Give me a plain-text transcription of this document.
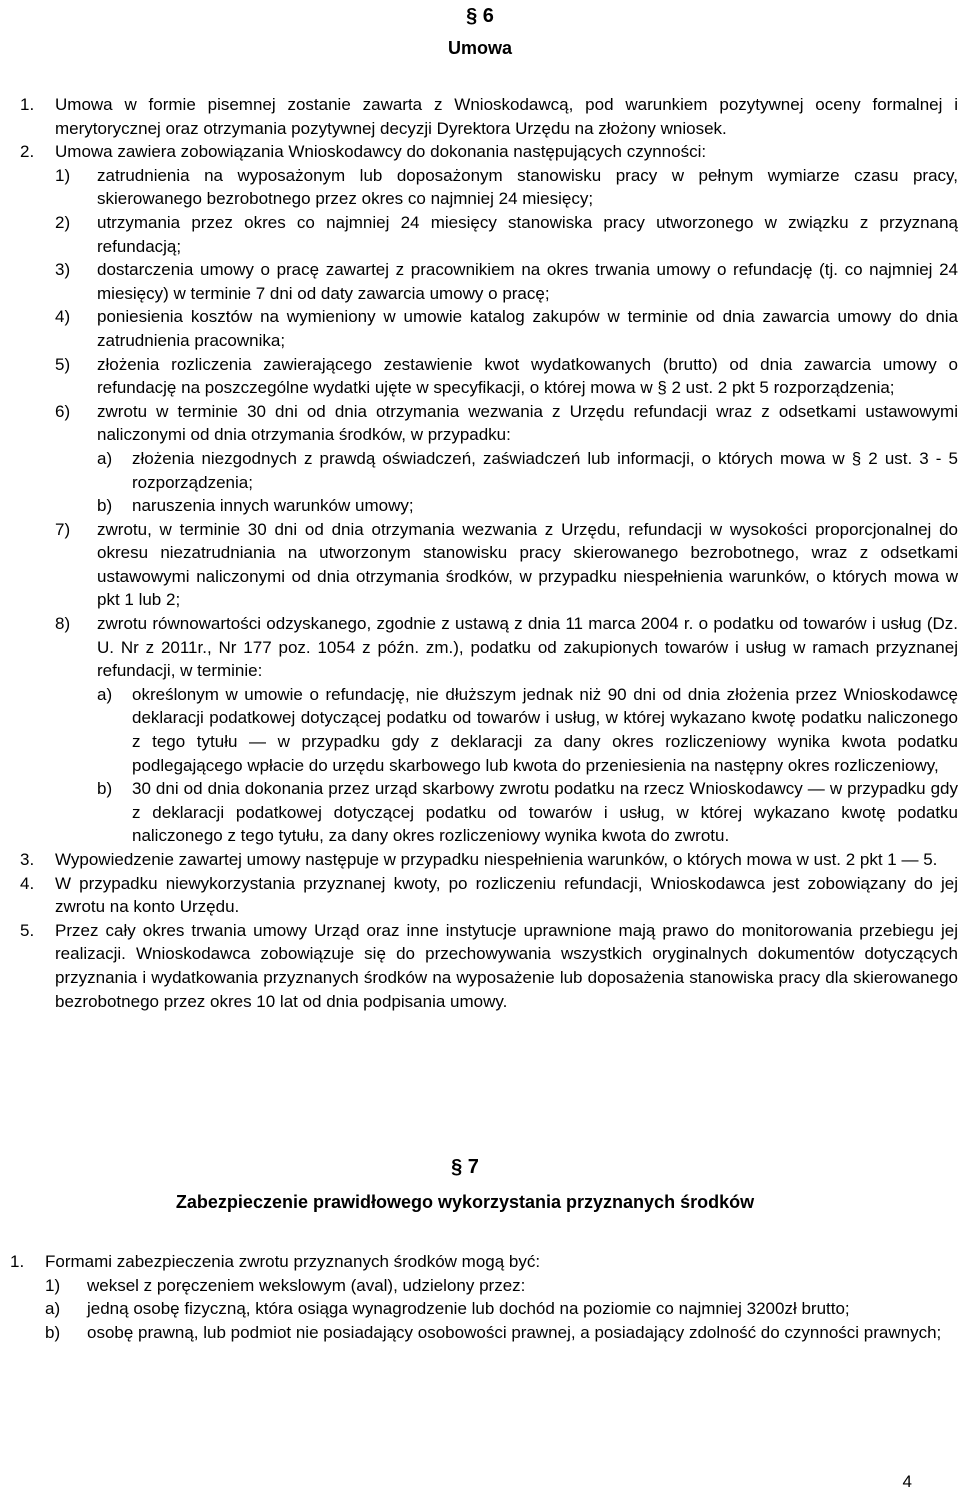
§ 6
Umowa
1. Umowa w formie pisemnej zostanie zawarta z Wnioskodawcą, pod warunkiem pozytywnej oceny formalnej i merytorycznej oraz otrzymania pozytywnej decyzji Dyrektora Urzędu na złożony wniosek.
2. Umowa zawiera zobowiązania Wnioskodawcy do dokonania następujących czynności:
1) zatrudnienia na wyposażonym lub doposażonym stanowisku pracy w pełnym wymiarze czasu pracy, skierowanego bezrobotnego przez okres co najmniej 24 miesięcy;
2) utrzymania przez okres co najmniej 24 miesięcy stanowiska pracy utworzonego w związku z przyznaną refundacją;
3) dostarczenia umowy o pracę zawartej z pracownikiem na okres trwania umowy o refundację (tj. co najmniej 24 miesięcy) w terminie 7 dni od daty zawarcia umowy o pracę;
4) poniesienia kosztów na wymieniony w umowie katalog zakupów w terminie od dnia zawarcia umowy do dnia zatrudnienia pracownika;
5) złożenia rozliczenia zawierającego zestawienie kwot wydatkowanych (brutto) od dnia zawarcia umowy o refundację na poszczególne wydatki ujęte w specyfikacji, o której mowa w § 2 ust. 2 pkt 5 rozporządzenia;
6) zwrotu w terminie 30 dni od dnia otrzymania wezwania z Urzędu refundacji wraz z odsetkami ustawowymi naliczonymi od dnia otrzymania środków, w przypadku:
a) złożenia niezgodnych z prawdą oświadczeń, zaświadczeń lub informacji, o których mowa w § 2 ust. 3 - 5 rozporządzenia;
b) naruszenia innych warunków umowy;
7) zwrotu, w terminie 30 dni od dnia otrzymania wezwania z Urzędu, refundacji w wysokości proporcjonalnej do okresu niezatrudniania na utworzonym stanowisku pracy skierowanego bezrobotnego, wraz z odsetkami ustawowymi naliczonymi od dnia otrzymania środków, w przypadku niespełnienia warunków, o których mowa w pkt 1 lub 2;
8) zwrotu równowartości odzyskanego, zgodnie z ustawą z dnia 11 marca 2004 r. o podatku od towarów i usług (Dz. U. Nr z 2011r., Nr 177 poz. 1054 z późn. zm.), podatku od zakupionych towarów i usług w ramach przyznanej refundacji, w terminie:
a) określonym w umowie o refundację, nie dłuższym jednak niż 90 dni od dnia złożenia przez Wnioskodawcę deklaracji podatkowej dotyczącej podatku od towarów i usług, w której wykazano kwotę podatku naliczonego z tego tytułu — w przypadku gdy z deklaracji za dany okres rozliczeniowy wynika kwota podatku podlegającego wpłacie do urzędu skarbowego lub kwota do przeniesienia na następny okres rozliczeniowy,
b) 30 dni od dnia dokonania przez urząd skarbowy zwrotu podatku na rzecz Wnioskodawcy — w przypadku gdy z deklaracji podatkowej dotyczącej podatku od towarów i usług, w której wykazano kwotę podatku naliczonego z tego tytułu, za dany okres rozliczeniowy wynika kwota do zwrotu.
3. Wypowiedzenie zawartej umowy następuje w przypadku niespełnienia warunków, o których mowa w ust. 2 pkt 1 — 5.
4. W przypadku niewykorzystania przyznanej kwoty, po rozliczeniu refundacji, Wnioskodawca jest zobowiązany do jej zwrotu na konto Urzędu.
5. Przez cały okres trwania umowy Urząd oraz inne instytucje uprawnione mają prawo do monitorowania przebiegu jej realizacji. Wnioskodawca zobowiązuje się do przechowywania wszystkich oryginalnych dokumentów dotyczących przyznania i wydatkowania przyznanych środków na wyposażenie lub doposażenia stanowiska pracy dla skierowanego bezrobotnego przez okres 10 lat od dnia podpisania umowy.
§ 7
Zabezpieczenie prawidłowego wykorzystania przyznanych środków
1. Formami zabezpieczenia zwrotu przyznanych środków mogą być:
1) weksel z poręczeniem wekslowym (aval), udzielony przez:
a) jedną osobę fizyczną, która osiąga wynagrodzenie lub dochód na poziomie co najmniej 3200zł brutto;
b) osobę prawną, lub podmiot nie posiadający osobowości prawnej, a posiadający zdolność do czynności prawnych;
4
